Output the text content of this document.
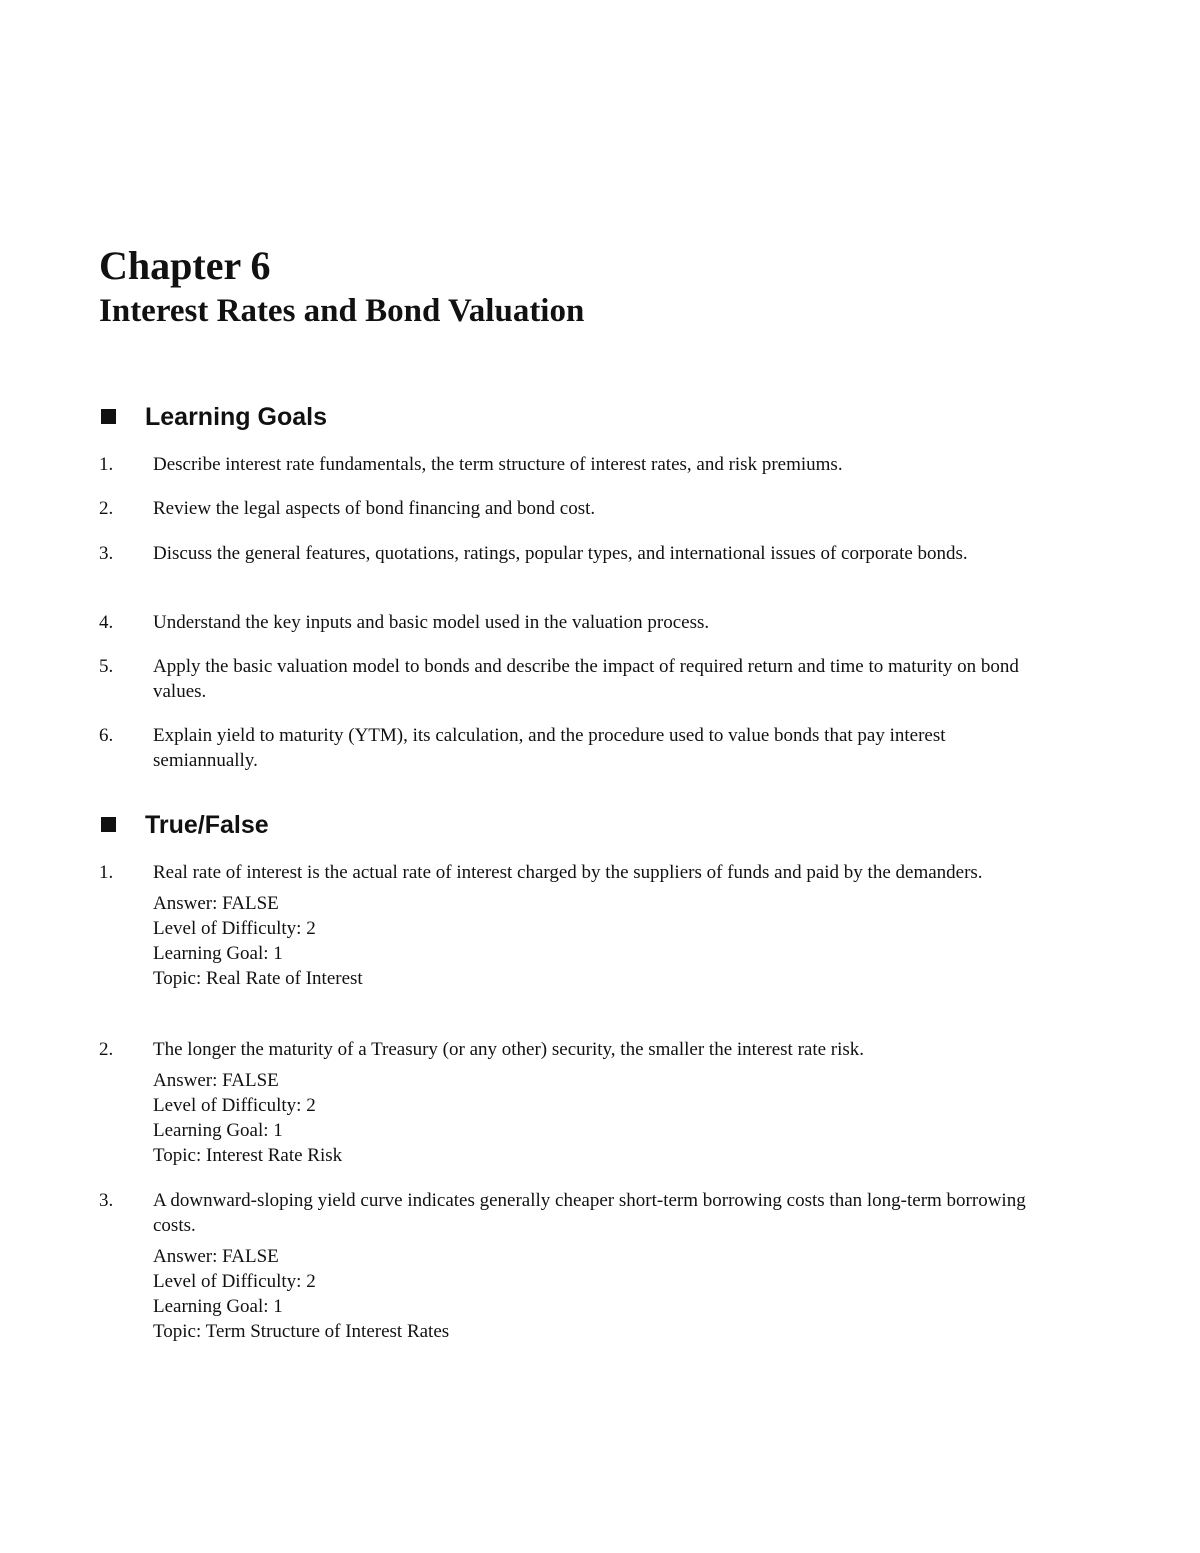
Chapter 6
Interest Rates and Bond Valuation
Learning Goals
1.	Describe interest rate fundamentals, the term structure of interest rates, and risk premiums.
2.	Review the legal aspects of bond financing and bond cost.
3.	Discuss the general features, quotations, ratings, popular types, and international issues of corporate bonds.
4.	Understand the key inputs and basic model used in the valuation process.
5.	Apply the basic valuation model to bonds and describe the impact of required return and time to maturity on bond values.
6.	Explain yield to maturity (YTM), its calculation, and the procedure used to value bonds that pay interest semiannually.
True/False
1.	Real rate of interest is the actual rate of interest charged by the suppliers of funds and paid by the demanders.
Answer: FALSE
Level of Difficulty: 2
Learning Goal: 1
Topic: Real Rate of Interest
2.	The longer the maturity of a Treasury (or any other) security, the smaller the interest rate risk.
Answer: FALSE
Level of Difficulty: 2
Learning Goal: 1
Topic: Interest Rate Risk
3.	A downward-sloping yield curve indicates generally cheaper short-term borrowing costs than long-term borrowing costs.
Answer: FALSE
Level of Difficulty: 2
Learning Goal: 1
Topic: Term Structure of Interest Rates
